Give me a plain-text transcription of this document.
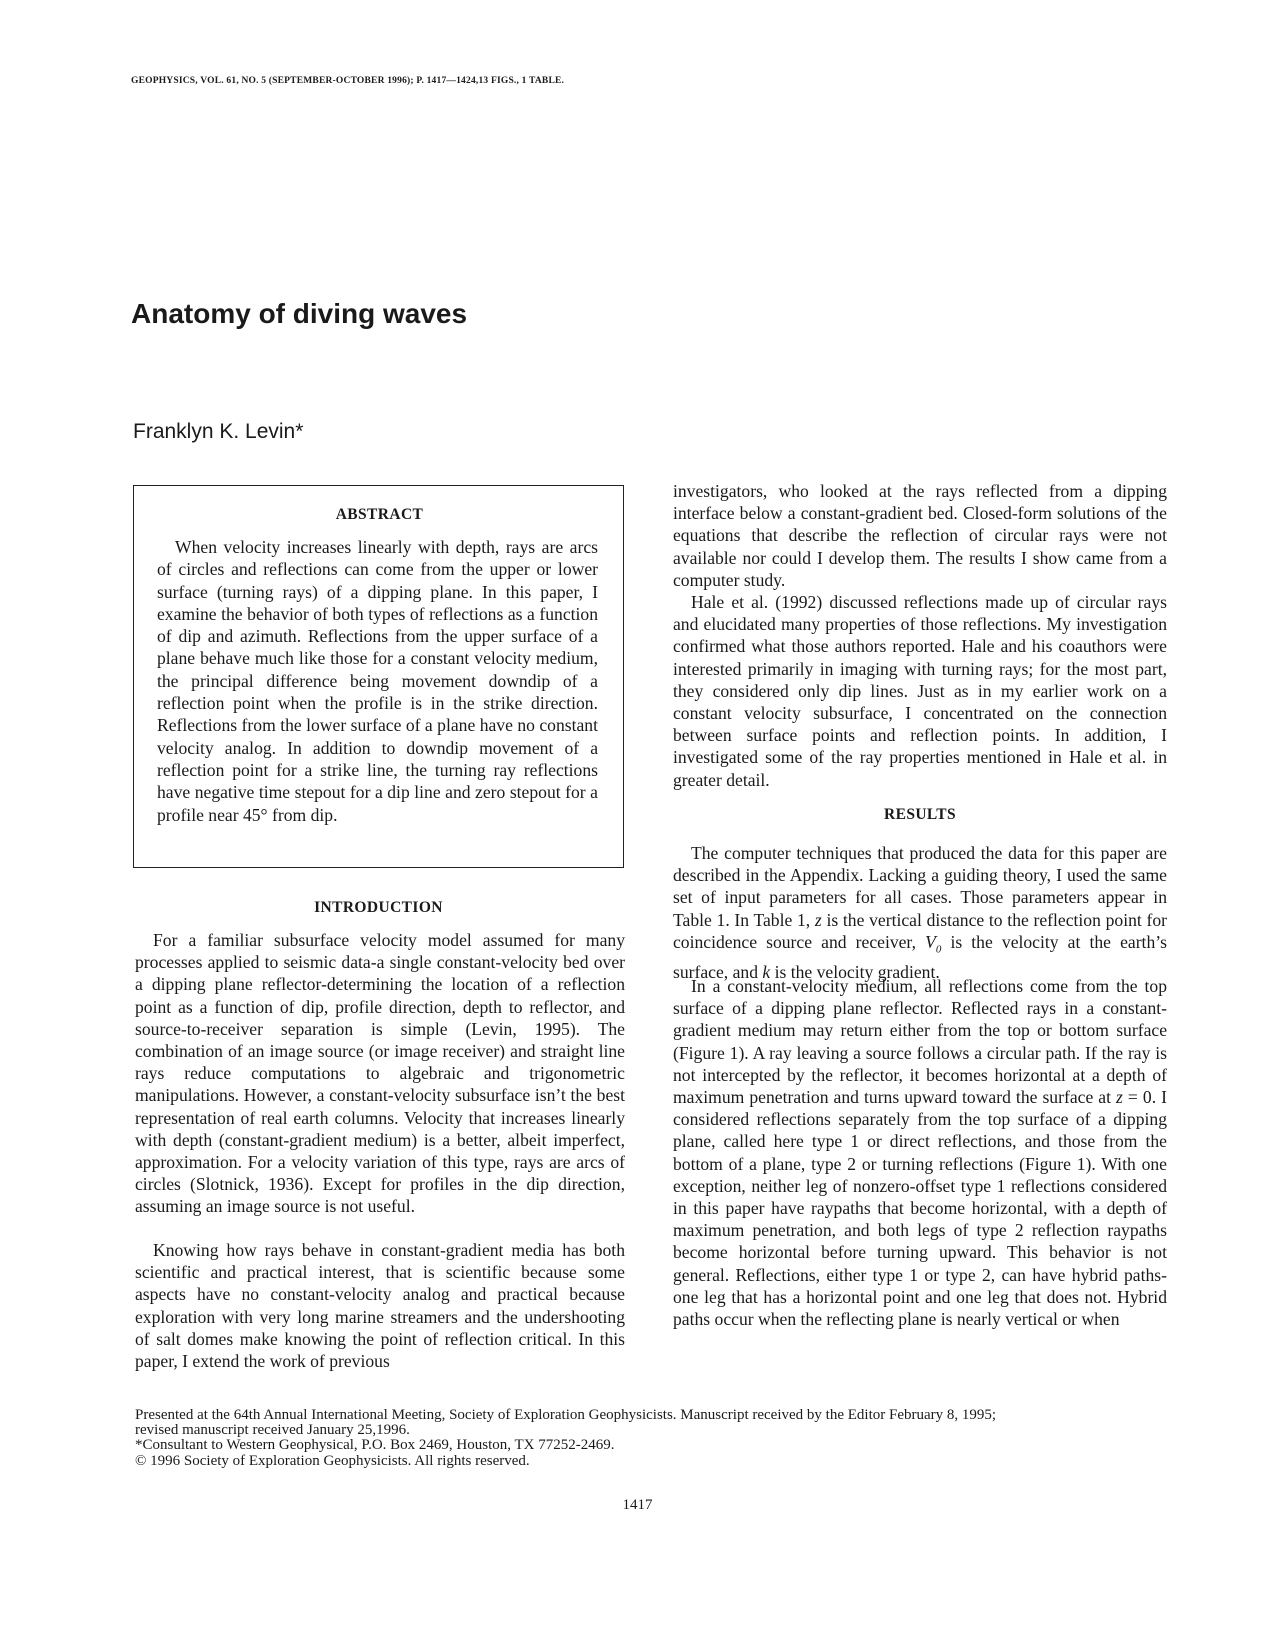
GEOPHYSICS, VOL. 61, NO. 5 (SEPTEMBER-OCTOBER 1996); P. 1417—1424,13 FIGS., 1 TABLE.
Anatomy of diving waves
Franklyn K. Levin*
ABSTRACT

When velocity increases linearly with depth, rays are arcs of circles and reflections can come from the upper or lower surface (turning rays) of a dipping plane. In this paper, I examine the behavior of both types of reflections as a function of dip and azimuth. Reflections from the upper surface of a plane behave much like those for a constant velocity medium, the principal difference being movement downdip of a reflection point when the profile is in the strike direction. Reflections from the lower surface of a plane have no constant velocity analog. In addition to downdip movement of a reflection point for a strike line, the turning ray reflections have negative time stepout for a dip line and zero stepout for a profile near 45° from dip.

INTRODUCTION

For a familiar subsurface velocity model assumed for many processes applied to seismic data-a single constant-velocity bed over a dipping plane reflector-determining the location of a reflection point as a function of dip, profile direction, depth to reflector, and source-to-receiver separation is simple (Levin, 1995). The combination of an image source (or image receiver) and straight line rays reduce computations to algebraic and trigonometric manipulations. However, a constant-velocity subsurface isn’t the best representation of real earth columns. Velocity that increases linearly with depth (constant-gradient medium) is a better, albeit imperfect, approximation. For a velocity variation of this type, rays are arcs of circles (Slotnick, 1936). Except for profiles in the dip direction, assuming an image source is not useful.

Knowing how rays behave in constant-gradient media has both scientific and practical interest, that is scientific because some aspects have no constant-velocity analog and practical because exploration with very long marine streamers and the undershooting of salt domes make knowing the point of reflection critical. In this paper, I extend the work of previous

investigators, who looked at the rays reflected from a dipping interface below a constant-gradient bed. Closed-form solutions of the equations that describe the reflection of circular rays were not available nor could I develop them. The results I show came from a computer study.

Hale et al. (1992) discussed reflections made up of circular rays and elucidated many properties of those reflections. My investigation confirmed what those authors reported. Hale and his coauthors were interested primarily in imaging with turning rays; for the most part, they considered only dip lines. Just as in my earlier work on a constant velocity subsurface, I concentrated on the connection between surface points and reflection points. In addition, I investigated some of the ray properties mentioned in Hale et al. in greater detail.

RESULTS

The computer techniques that produced the data for this paper are described in the Appendix. Lacking a guiding theory, I used the same set of input parameters for all cases. Those parameters appear in Table 1. In Table 1, z is the vertical distance to the reflection point for coincidence source and receiver, $V_0$ is the velocity at the earth’s surface, and k is the velocity gradient.

In a constant-velocity medium, all reflections come from the top surface of a dipping plane reflector. Reflected rays in a constant-gradient medium may return either from the top or bottom surface (Figure 1). A ray leaving a source follows a circular path. If the ray is not intercepted by the reflector, it becomes horizontal at a depth of maximum penetration and turns upward toward the surface at z = 0. I considered reflections separately from the top surface of a dipping plane, called here type 1 or direct reflections, and those from the bottom of a plane, type 2 or turning reflections (Figure 1). With one exception, neither leg of nonzero-offset type 1 reflections considered in this paper have raypaths that become horizontal, with a depth of maximum penetration, and both legs of type 2 reflection raypaths become horizontal before turning upward. This behavior is not general. Reflections, either type 1 or type 2, can have hybrid paths-one leg that has a horizontal point and one leg that does not. Hybrid paths occur when the reflecting plane is nearly vertical or when

Presented at the 64th Annual International Meeting, Society of Exploration Geophysicists. Manuscript received by the Editor February 8, 1995;
revised manuscript received January 25,1996.
*Consultant to Western Geophysical, P.O. Box 2469, Houston, TX 77252-2469.
© 1996 Society of Exploration Geophysicists. All rights reserved.
1417
